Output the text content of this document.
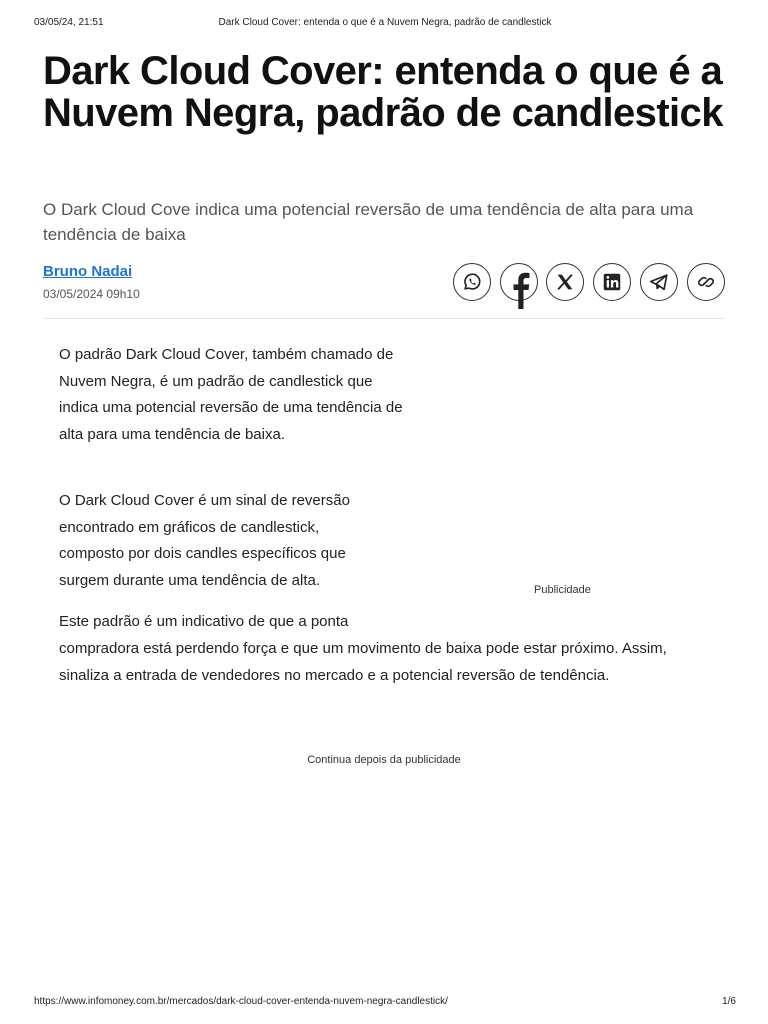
03/05/24, 21:51	Dark Cloud Cover: entenda o que é a Nuvem Negra, padrão de candlestick
Dark Cloud Cover: entenda o que é a Nuvem Negra, padrão de candlestick

O Dark Cloud Cove indica uma potencial reversão de uma tendência de alta para uma tendência de baixa

Bruno Nadai
03/05/2024 09h10

O padrão Dark Cloud Cover, também chamado de Nuvem Negra, é um padrão de candlestick que indica uma potencial reversão de uma tendência de alta para uma tendência de baixa.

O Dark Cloud Cover é um sinal de reversão encontrado em gráficos de candlestick, composto por dois candles específicos que surgem durante uma tendência de alta.

Este padrão é um indicativo de que a ponta

compradora está perdendo força e que um movimento de baixa pode estar próximo. Assim, sinaliza a entrada de vendedores no mercado e a potencial reversão de tendência.

Publicidade
Continua depois da publicidade
https://www.infomoney.com.br/mercados/dark-cloud-cover-entenda-nuvem-negra-candlestick/	1/6
